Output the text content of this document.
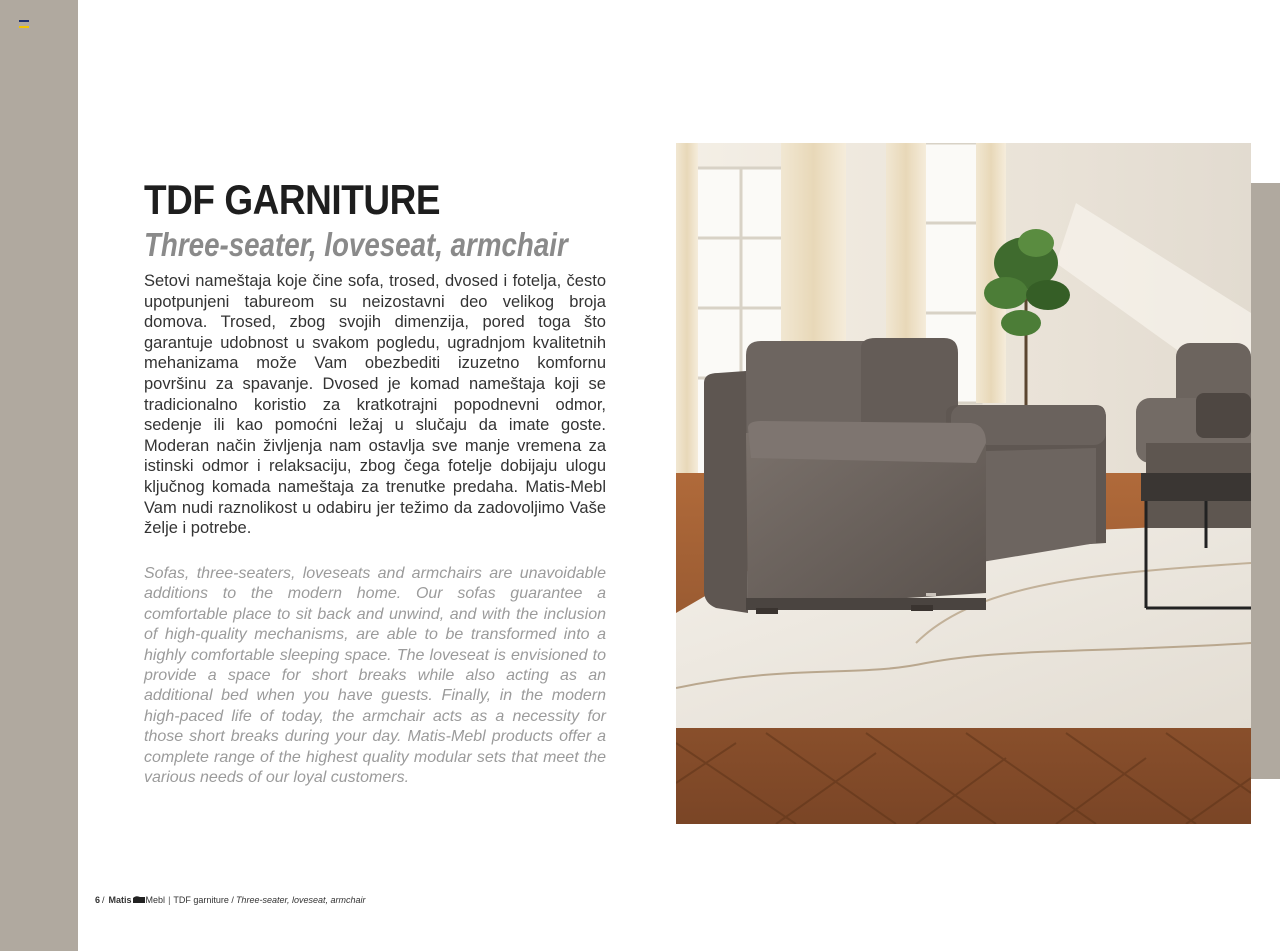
TDF GARNITURE
Three-seater, loveseat, armchair

Setovi nameštaja koje čine sofa, trosed, dvosed i fotelja, često upotpunjeni taburеom su neizostavni deo velikog broja domova. Trosed, zbog svojih dimenzija, pored toga što garantuje udobnost u svakom pogledu, ugradnjom kvalitetnih mehanizama može Vam obezbediti izuzetno komfornu površinu za spavanje. Dvosed je komad nameštaja koji se tradicionalno koristio za kratkotrajni popodnevni odmor, sedenje ili kao pomoćni ležaj u slučaju da imate goste. Moderan način življenja nam ostavlja sve manje vremena za istinski odmor i relaksaciju, zbog čega fotelje dobijaju ulogu ključnog komada nameštaja za trenutke predaha. Matis-Mebl Vam nudi raznolikost u odabiru jer težimo da zadovoljimo Vaše želje i potrebe.

Sofas, three-seaters, loveseats and armchairs are unavoidable additions to the modern home. Our sofas guarantee a comfortable place to sit back and unwind, and with the inclusion of high-quality mechanisms, are able to be transformed into a highly comfortable sleeping space. The loveseat is envisioned to provide a space for short breaks while also acting as an additional bed when you have guests. Finally, in the modern high-paced life of today, the armchair acts as a necessity for those short breaks during your day. Matis-Mebl products offer a complete range of the highest quality modular sets that meet the various needs of our loyal customers.

6 / Matis Mebl | TDF garniture / Three-seater, loveseat, armchair
